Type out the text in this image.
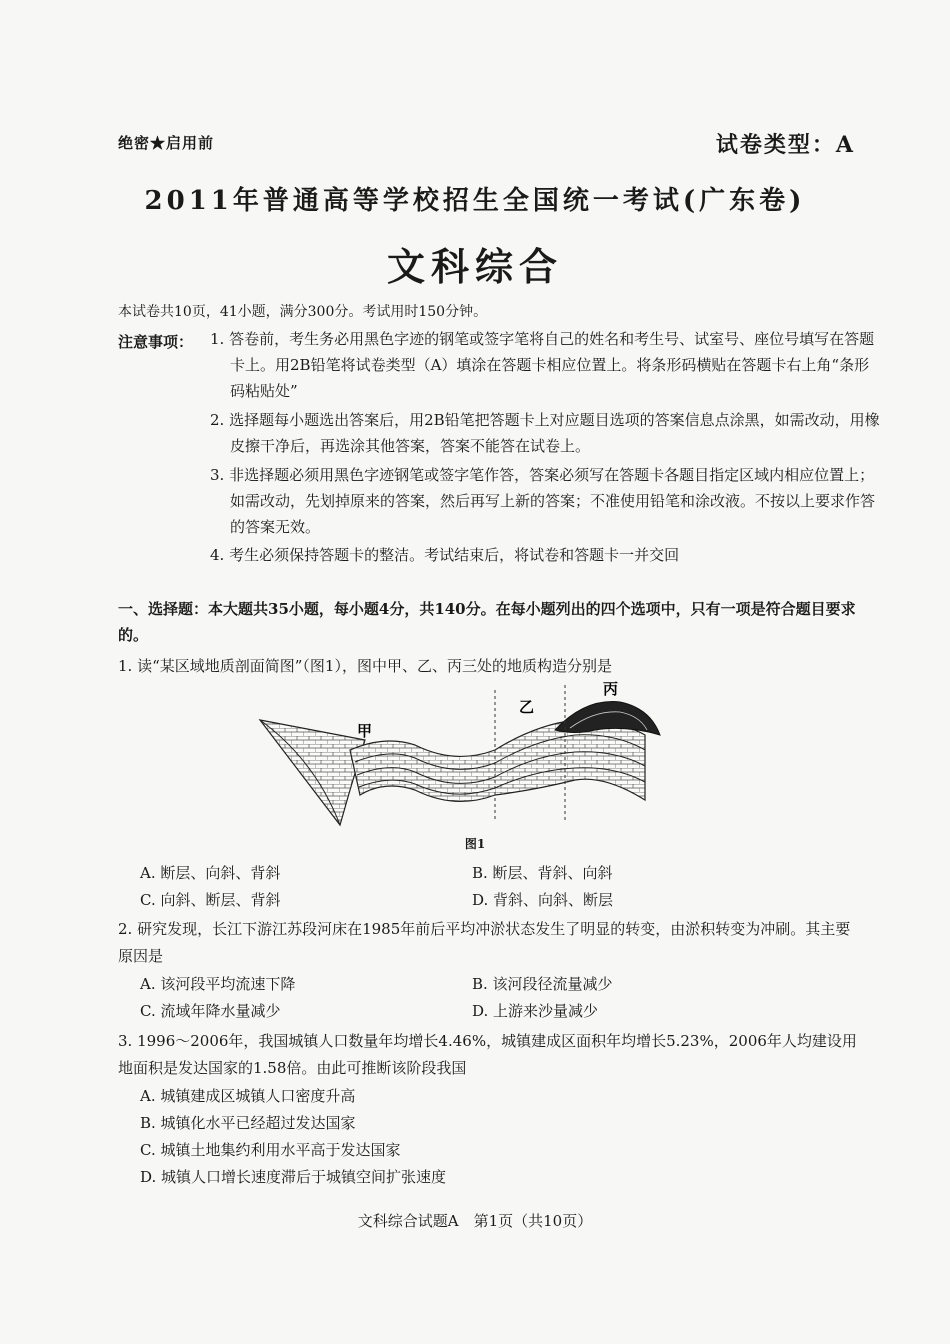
绝密★启用前	试卷类型：A
2011年普通高等学校招生全国统一考试(广东卷)
文科综合
本试卷共10页，41小题，满分300分。考试用时150分钟。
注意事项： 1. 答卷前，考生务必用黑色字迹的钢笔或签字笔将自己的姓名和考生号、试室号、座位号填写在答题卡上。用2B铅笔将试卷类型（A）填涂在答题卡相应位置上。将条形码横贴在答题卡右上角“条形码粘贴处”
2. 选择题每小题选出答案后，用2B铅笔把答题卡上对应题目选项的答案信息点涂黑，如需改动，用橡皮擦干净后，再选涂其他答案，答案不能答在试卷上。
3. 非选择题必须用黑色字迹钢笔或签字笔作答，答案必须写在答题卡各题目指定区域内相应位置上；如需改动，先划掉原来的答案，然后再写上新的答案；不准使用铅笔和涂改液。不按以上要求作答的答案无效。
4. 考生必须保持答题卡的整洁。考试结束后，将试卷和答题卡一并交回
一、选择题：本大题共35小题，每小题4分，共140分。在每小题列出的四个选项中，只有一项是符合题目要求的。
1. 读“某区域地质剖面简图”（图1），图中甲、乙、丙三处的地质构造分别是
甲
乙
丙
图1
A. 断层、向斜、背斜	B. 断层、背斜、向斜
C. 向斜、断层、背斜	D. 背斜、向斜、断层
2. 研究发现，长江下游江苏段河床在1985年前后平均冲淤状态发生了明显的转变，由淤积转变为冲刷。其主要原因是
A. 该河段平均流速下降	B. 该河段径流量减少
C. 流域年降水量减少	D. 上游来沙量减少
3. 1996～2006年，我国城镇人口数量年均增长4.46%，城镇建成区面积年均增长5.23%，2006年人均建设用地面积是发达国家的1.58倍。由此可推断该阶段我国
A. 城镇建成区城镇人口密度升高
B. 城镇化水平已经超过发达国家
C. 城镇土地集约利用水平高于发达国家
D. 城镇人口增长速度滞后于城镇空间扩张速度
文科综合试题A　第1页（共10页）
